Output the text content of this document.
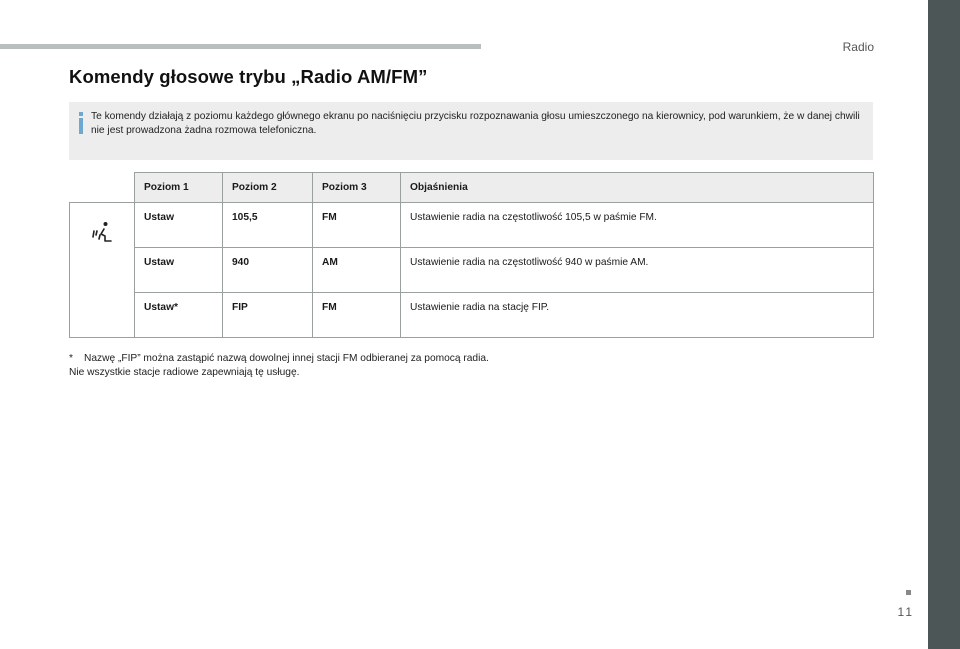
Radio
Komendy głosowe trybu „Radio AM/FM”
Te komendy działają z poziomu każdego głównego ekranu po naciśnięciu przycisku rozpoznawania głosu umieszczonego na kierownicy, pod warunkiem, że w danej chwili nie jest prowadzona żadna rozmowa telefoniczna.
	Poziom 1	Poziom 2	Poziom 3	Objaśnienia

	Ustaw	105,5	FM	Ustawienie radia na częstotliwość 105,5 w paśmie FM.
	Ustaw	940	AM	Ustawienie radia na częstotliwość 940 w paśmie AM.
	Ustaw*	FIP	FM	Ustawienie radia na stację FIP.

* Nazwę „FIP” można zastąpić nazwą dowolnej innej stacji FM odbieranej za pomocą radia.
Nie wszystkie stacje radiowe zapewniają tę usługę.

11
